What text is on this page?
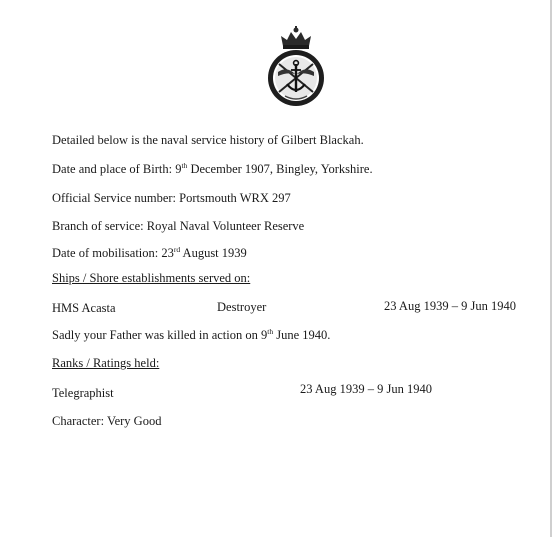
Detailed below is the naval service history of Gilbert Blackah.
Date and place of Birth: 9th December 1907, Bingley, Yorkshire.
Official Service number: Portsmouth WRX 297
Branch of service: Royal Naval Volunteer Reserve
Date of mobilisation: 23rd August 1939
Ships / Shore establishments served on:
HMS Acasta	Destroyer	23 Aug 1939 – 9 Jun 1940
Sadly your Father was killed in action on 9th June 1940.
Ranks / Ratings held:
Telegraphist	23 Aug 1939 – 9 Jun 1940
Character: Very Good
